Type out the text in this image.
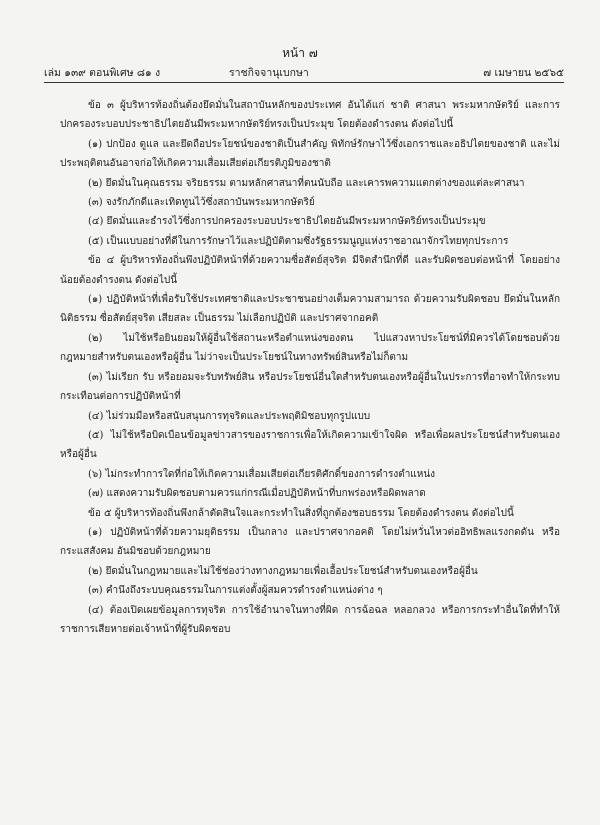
หน้า ๗
เล่ม ๑๓๙ ตอนพิเศษ ๘๑ ง	ราชกิจจานุเบกษา	๗ เมษายน ๒๕๖๕

ข้อ ๓ ผู้บริหารท้องถิ่นต้องยึดมั่นในสถาบันหลักของประเทศ อันได้แก่ ชาติ ศาสนา พระมหากษัตริย์ และการปกครองระบอบประชาธิปไตยอันมีพระมหากษัตริย์ทรงเป็นประมุข โดยต้องดำรงตน ดังต่อไปนี้

(๑) ปกป้อง ดูแล และยึดถือประโยชน์ของชาติเป็นสำคัญ พิทักษ์รักษาไว้ซึ่งเอกราชและอธิปไตยของชาติ และไม่ประพฤติตนอันอาจก่อให้เกิดความเสื่อมเสียต่อเกียรติภูมิของชาติ

(๒) ยึดมั่นในคุณธรรม จริยธรรม ตามหลักศาสนาที่ตนนับถือ และเคารพความแตกต่างของแต่ละศาสนา

(๓) จงรักภักดีและเทิดทูนไว้ซึ่งสถาบันพระมหากษัตริย์

(๔) ยึดมั่นและธำรงไว้ซึ่งการปกครองระบอบประชาธิปไตยอันมีพระมหากษัตริย์ทรงเป็นประมุข

(๕) เป็นแบบอย่างที่ดีในการรักษาไว้และปฏิบัติตามซึ่งรัฐธรรมนูญแห่งราชอาณาจักรไทยทุกประการ

ข้อ ๔ ผู้บริหารท้องถิ่นพึงปฏิบัติหน้าที่ด้วยความซื่อสัตย์สุจริต มีจิตสำนึกที่ดี และรับผิดชอบต่อหน้าที่ โดยอย่างน้อยต้องดำรงตน ดังต่อไปนี้

(๑) ปฏิบัติหน้าที่เพื่อรับใช้ประเทศชาติและประชาชนอย่างเต็มความสามารถ ด้วยความรับผิดชอบ ยึดมั่นในหลักนิติธรรม ซื่อสัตย์สุจริต เสียสละ เป็นธรรม ไม่เลือกปฏิบัติ และปราศจากอคติ

(๒) ไม่ใช้หรือยินยอมให้ผู้อื่นใช้สถานะหรือตำแหน่งของตน ไปแสวงหาประโยชน์ที่มิควรได้โดยชอบด้วยกฎหมายสำหรับตนเองหรือผู้อื่น ไม่ว่าจะเป็นประโยชน์ในทางทรัพย์สินหรือไม่ก็ตาม

(๓) ไม่เรียก รับ หรือยอมจะรับทรัพย์สิน หรือประโยชน์อื่นใดสำหรับตนเองหรือผู้อื่นในประการที่อาจทำให้กระทบกระเทือนต่อการปฏิบัติหน้าที่

(๔) ไม่ร่วมมือหรือสนับสนุนการทุจริตและประพฤติมิชอบทุกรูปแบบ

(๕) ไม่ใช้หรือบิดเบือนข้อมูลข่าวสารของราชการเพื่อให้เกิดความเข้าใจผิด หรือเพื่อผลประโยชน์สำหรับตนเองหรือผู้อื่น

(๖) ไม่กระทำการใดที่ก่อให้เกิดความเสื่อมเสียต่อเกียรติศักดิ์ของการดำรงตำแหน่ง

(๗) แสดงความรับผิดชอบตามควรแก่กรณีเมื่อปฏิบัติหน้าที่บกพร่องหรือผิดพลาด

ข้อ ๕ ผู้บริหารท้องถิ่นพึงกล้าตัดสินใจและกระทำในสิ่งที่ถูกต้องชอบธรรม โดยต้องดำรงตน ดังต่อไปนี้

(๑) ปฏิบัติหน้าที่ด้วยความยุติธรรม เป็นกลาง และปราศจากอคติ โดยไม่หวั่นไหวต่ออิทธิพลแรงกดดัน หรือกระแสสังคม อันมิชอบด้วยกฎหมาย

(๒) ยึดมั่นในกฎหมายและไม่ใช้ช่องว่างทางกฎหมายเพื่อเอื้อประโยชน์สำหรับตนเองหรือผู้อื่น

(๓) คำนึงถึงระบบคุณธรรมในการแต่งตั้งผู้สมควรดำรงตำแหน่งต่าง ๆ

(๔) ต้องเปิดเผยข้อมูลการทุจริต การใช้อำนาจในทางที่ผิด การฉ้อฉล หลอกลวง หรือการกระทำอื่นใดที่ทำให้ราชการเสียหายต่อเจ้าหน้าที่ผู้รับผิดชอบ
